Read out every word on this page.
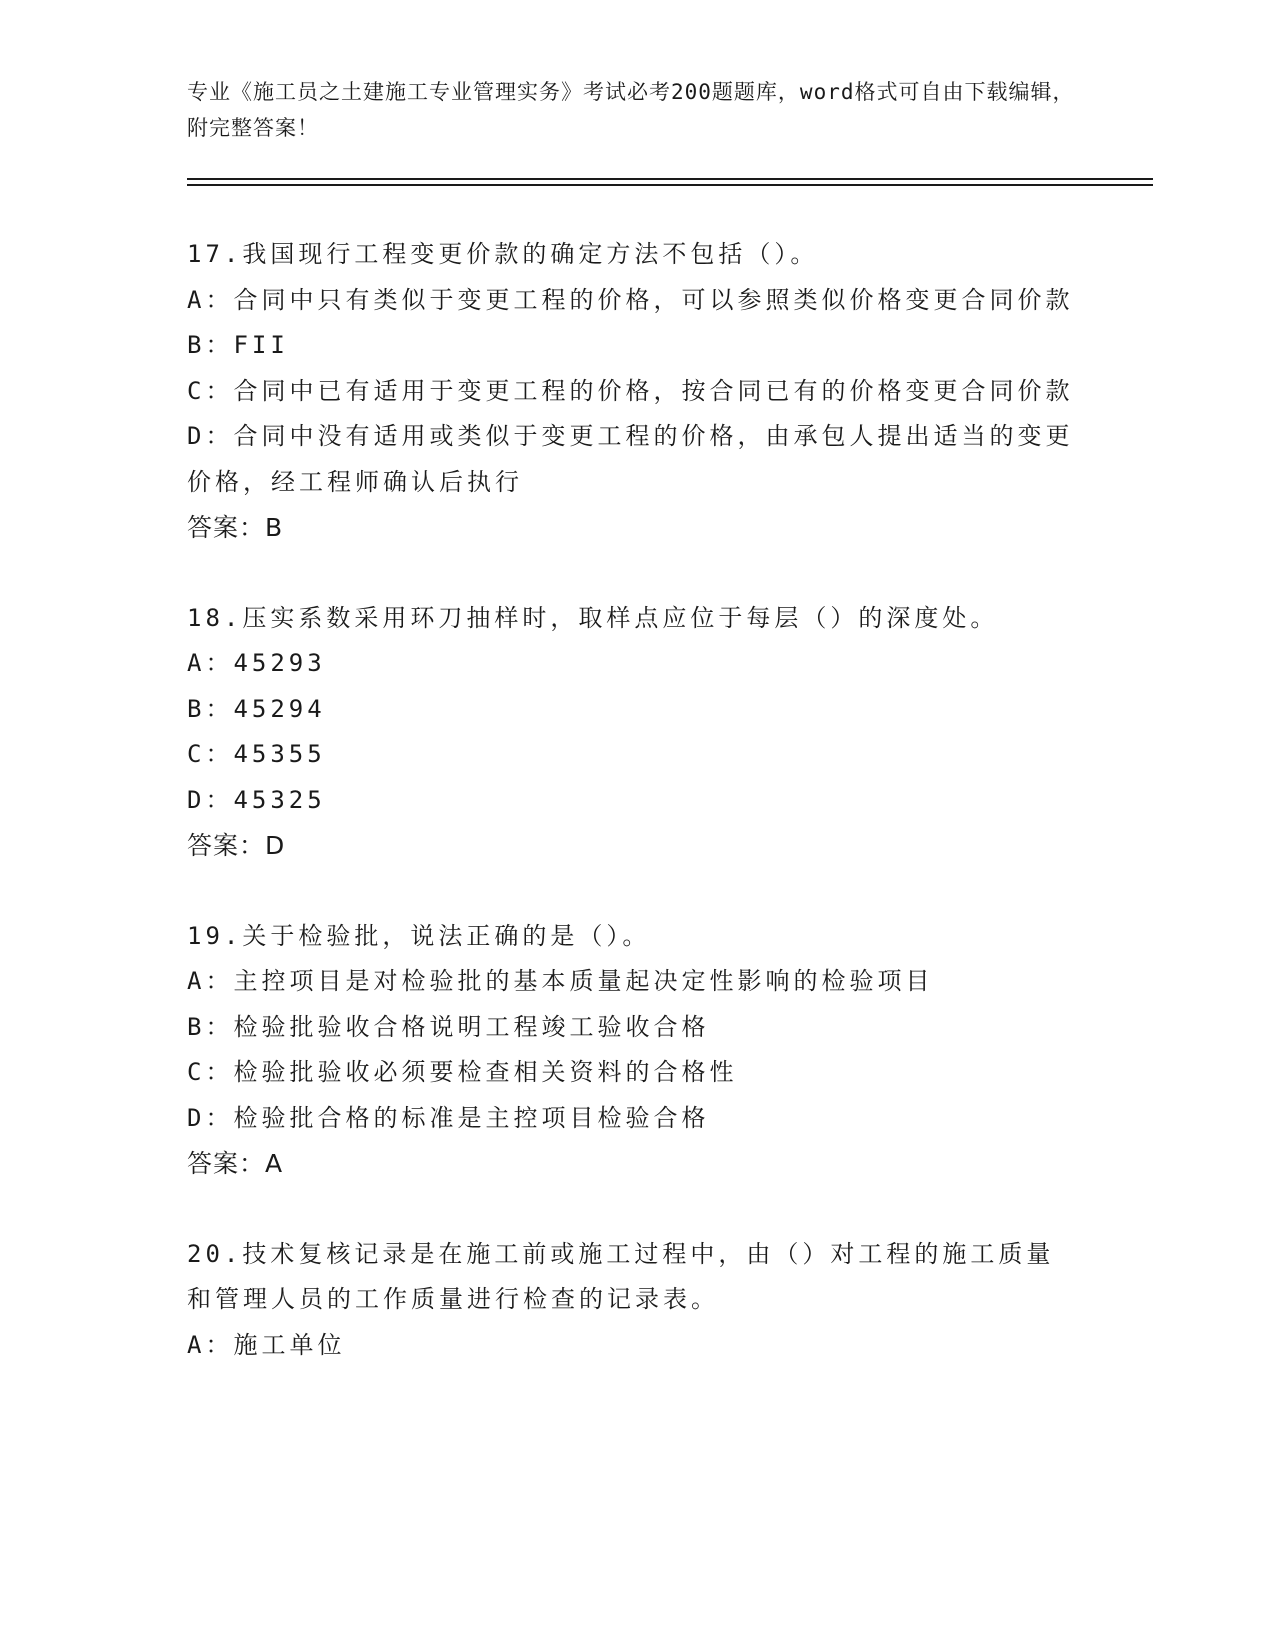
专业《施工员之土建施工专业管理实务》考试必考200题题库，word格式可自由下载编辑，附完整答案！

17.我国现行工程变更价款的确定方法不包括（）。

A：合同中只有类似于变更工程的价格，可以参照类似价格变更合同价款

B：FII

C：合同中已有适用于变更工程的价格，按合同已有的价格变更合同价款

D：合同中没有适用或类似于变更工程的价格，由承包人提出适当的变更价格，经工程师确认后执行

答案：B

18.压实系数采用环刀抽样时，取样点应位于每层（）的深度处。

A：45293

B：45294

C：45355

D：45325

答案：D

19.关于检验批，说法正确的是（）。

A：主控项目是对检验批的基本质量起决定性影响的检验项目

B：检验批验收合格说明工程竣工验收合格

C：检验批验收必须要检查相关资料的合格性

D：检验批合格的标准是主控项目检验合格

答案：A

20.技术复核记录是在施工前或施工过程中，由（）对工程的施工质量和管理人员的工作质量进行检查的记录表。

A：施工单位
